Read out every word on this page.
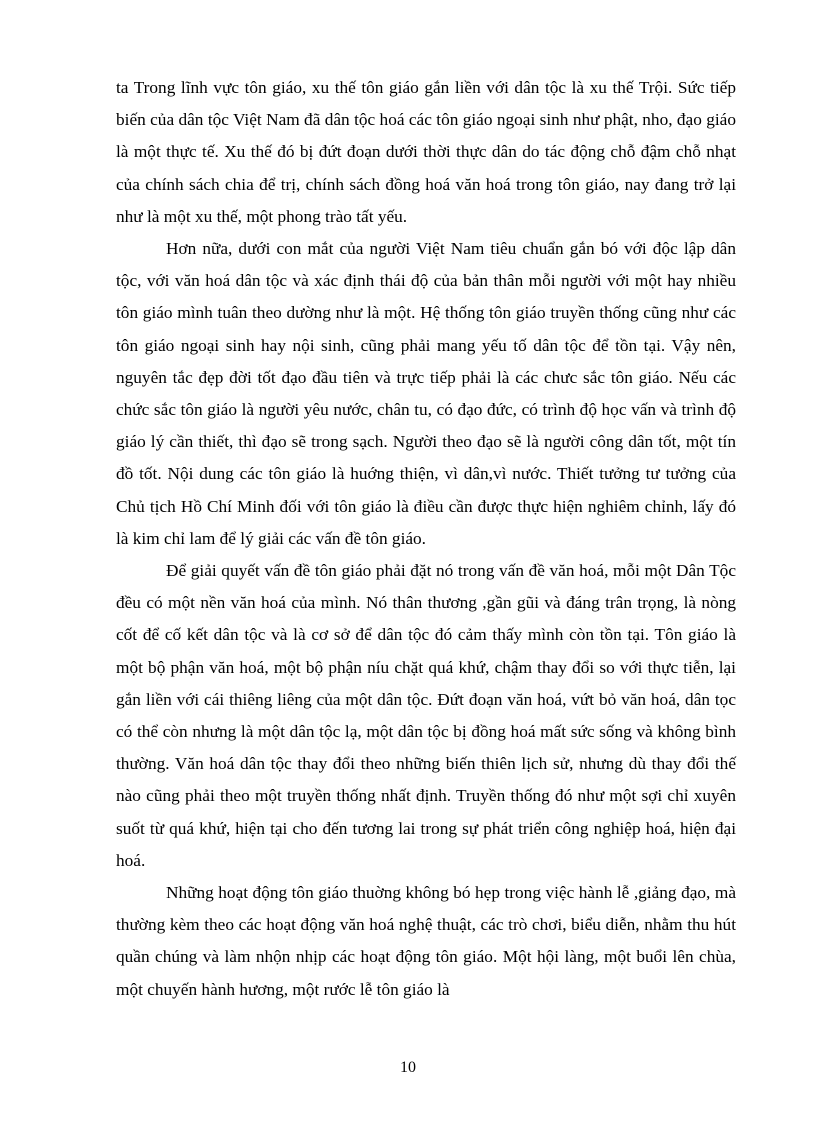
ta Trong lĩnh vực tôn giáo, xu thế tôn giáo gắn liền với dân tộc là xu thế Trội. Sức tiếp biến của dân tộc Việt Nam đã dân tộc hoá các tôn giáo ngoại sinh như phật, nho, đạo giáo là một thực tế. Xu thế đó bị đứt đoạn dưới thời thực dân do tác động chỗ đậm chỗ nhạt của chính sách chia để trị, chính sách đồng hoá văn hoá trong tôn giáo, nay đang trở lại như là một xu thế, một phong trào tất yếu.

Hơn nữa, dưới con mắt của người Việt Nam tiêu chuẩn gắn bó với độc lập dân tộc, với văn hoá dân tộc và xác định thái độ của bản thân mỗi người với một hay nhiều tôn giáo mình tuân theo dường như là một. Hệ thống tôn giáo truyền thống cũng như các tôn giáo ngoại sinh hay nội sinh, cũng phải mang yếu tố dân tộc để tồn tại. Vậy nên, nguyên tắc đẹp đời tốt đạo đầu tiên và trực tiếp phải là các chưc sắc tôn giáo. Nếu các chức sắc tôn giáo là người yêu nước, chân tu, có đạo đức, có trình độ học vấn và trình độ giáo lý cần thiết, thì đạo sẽ trong sạch. Người theo đạo sẽ là người công dân tốt, một tín đồ tốt. Nội dung các tôn giáo là huớng thiện, vì dân,vì nước. Thiết tưởng tư tưởng của Chủ tịch Hồ Chí Minh đối với tôn giáo là điều cần được thực hiện nghiêm chỉnh, lấy đó là kim chỉ lam để lý giải các vấn đề tôn giáo.

Để giải quyết vấn đề tôn giáo phải đặt nó trong vấn đề văn hoá, mỗi một Dân Tộc đều có một nền văn hoá của mình. Nó thân thương ,gần gũi và đáng trân trọng, là nòng cốt để cố kết dân tộc và là cơ sở để dân tộc đó cảm thấy mình còn tồn tại. Tôn giáo là một bộ phận văn hoá, một bộ phận níu chặt quá khứ, chậm thay đổi so với thực tiễn, lại gắn liền với cái thiêng liêng của một dân tộc. Đứt đoạn văn hoá, vứt bỏ văn hoá, dân tọc có thể còn nhưng là một dân tộc lạ, một dân tộc bị đồng hoá mất sức sống và không bình thường. Văn hoá dân tộc thay đổi theo những biến thiên lịch sử, nhưng dù thay đổi thế nào cũng phải theo một truyền thống nhất định. Truyền thống đó như một sợi chỉ xuyên suốt từ quá khứ, hiện tại cho đến tương lai trong sự phát triển công nghiệp hoá, hiện đại hoá.

Những hoạt động tôn giáo thuờng không bó hẹp trong việc hành lễ ,giảng đạo, mà thường kèm theo các hoạt động văn hoá nghệ thuật, các trò chơi, biểu diễn, nhằm thu hút quần chúng và làm nhộn nhịp các hoạt động tôn giáo. Một hội làng, một buổi lên chùa, một chuyến hành hương, một rước lễ tôn giáo là

10
